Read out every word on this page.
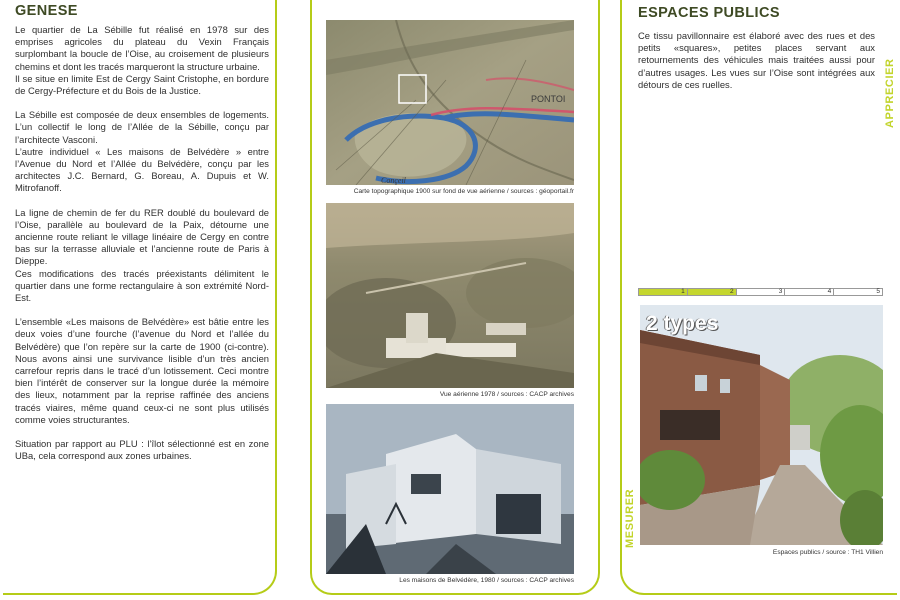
GENESE

Le quartier de La Sébille fut réalisé en 1978 sur des emprises agricoles du plateau du Vexin Français surplombant la boucle de l’Oise, au croisement de plusieurs chemins et dont les tracés marqueront la structure urbaine.
Il se situe en limite Est de Cergy Saint Cristophe, en bordure de Cergy-Préfecture et du Bois de la Justice.

La Sébille est composée de deux ensembles de logements. L’un collectif le long de l’Allée de la Sébille, conçu par l’architecte Vasconi.
L’autre individuel « Les maisons de Belvédère » entre l’Avenue du Nord et l’Allée du Belvédère, conçu par les architectes J.C. Bernard, G. Boreau, A. Dupuis et W. Mitrofanoff.

La ligne de chemin de fer du RER doublé du boulevard de l’Oise, parallèle au boulevard de la Paix, détourne une ancienne route reliant le village linéaire de Cergy en contre bas sur la terrasse alluviale et l’ancienne route de Paris à Dieppe.
Ces modifications des tracés préexistants délimitent le quartier dans une forme rectangulaire à son extrémité Nord-Est.

L’ensemble «Les maisons de Belvédère» est bâtie entre les deux voies d’une fourche (l’avenue du Nord et l’allée du Belvédère) que l’on repère sur la carte de 1900 (ci-contre). Nous avons ainsi une survivance lisible d’un très ancien carrefour repris dans le tracé d’un lotissement. Ceci montre bien l’intérêt de conserver sur la longue durée la mémoire des lieux, notamment par la reprise raffinée des anciens tracés viaires, même quand ceux-ci ne sont plus utilisés comme voies structurantes.

Situation par rapport au PLU : l’îlot sélectionné est en zone UBa, cela correspond aux zones urbaines.

PONTOI
Conçeil
Carte topographique 1900 sur fond de vue aérienne / sources : géoportail.fr
Vue aérienne 1978 / sources : CACP archives
Les maisons de Belvédère, 1980 / sources : CACP archives
ESPACES PUBLICS

Ce tissu pavillonnaire est élaboré avec des rues et des petits «squares», petites places servant aux retournements des véhicules mais traitées aussi pour d’autres usages. Les vues sur l’Oise sont intégrées aux détours de ces ruelles.	APPRECIER
MESURER
1	2	3	4	5
2 types
Espaces publics / source : TH1 Villien
